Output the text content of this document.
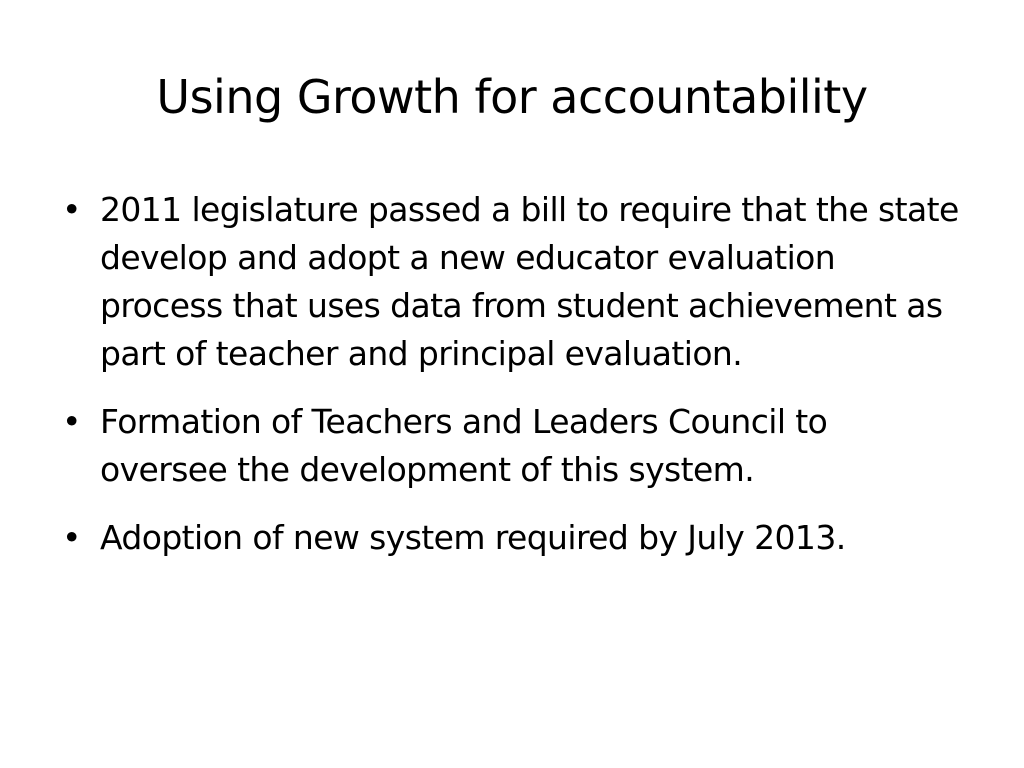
Using Growth for accountability
• 2011 legislature passed a bill to require that the state develop and adopt a new educator evaluation process that uses data from student achievement as part of teacher and principal evaluation.
• Formation of Teachers and Leaders Council to oversee the development of this system.
• Adoption of new system required by July 2013.
